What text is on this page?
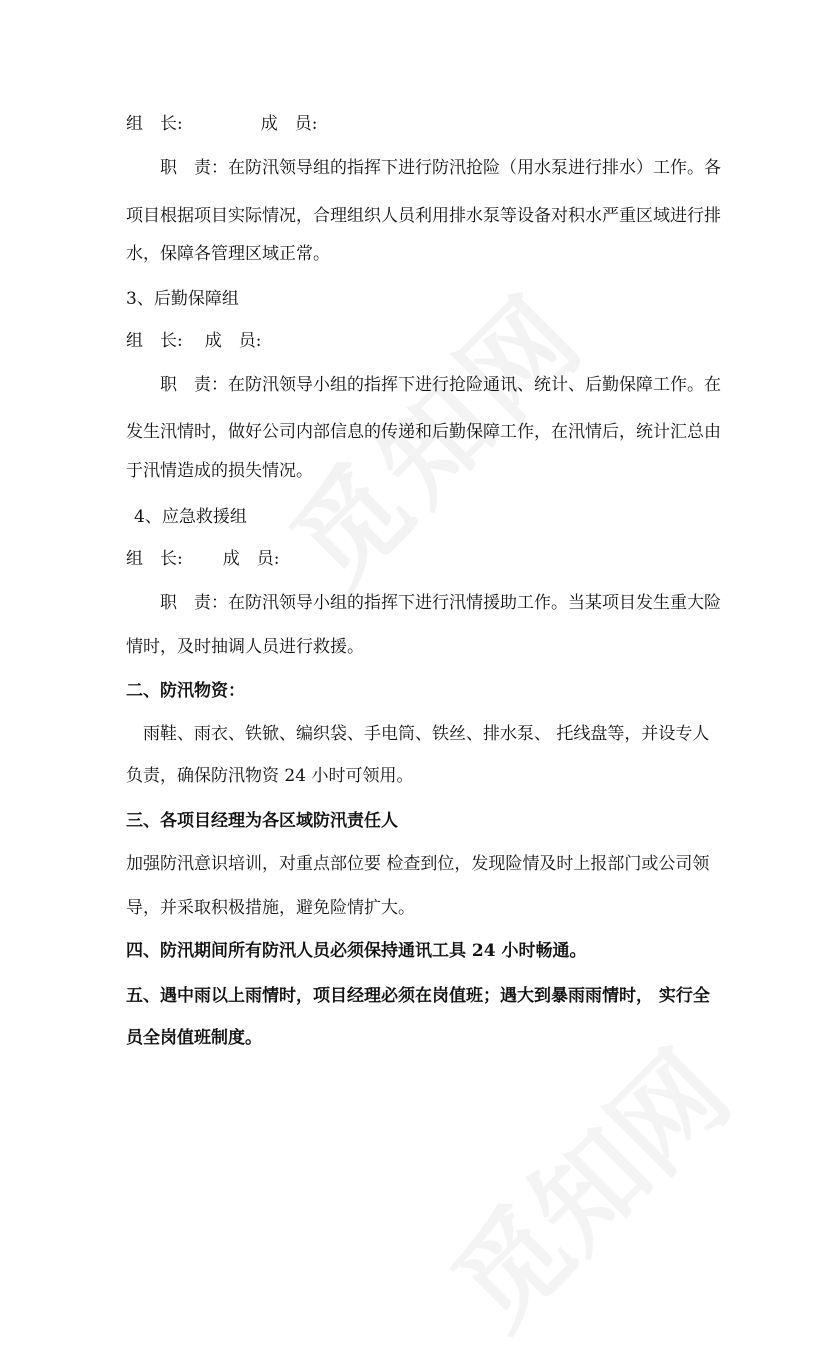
组　长:	成　员:
职　责：在防汛领导组的指挥下进行防汛抢险（用水泵进行排水）工作。各
项目根据项目实际情况，合理组织人员利用排水泵等设备对积水严重区域进行排
水，保障各管理区域正常。
3、后勤保障组
组　长: 成　员:
职　责：在防汛领导小组的指挥下进行抢险通讯、统计、后勤保障工作。在
发生汛情时，做好公司内部信息的传递和后勤保障工作，在汛情后，统计汇总由
于汛情造成的损失情况。
4、应急救援组
组　长: 成　员:
职　责：在防汛领导小组的指挥下进行汛情援助工作。当某项目发生重大险
情时，及时抽调人员进行救援。
二、防汛物资：
雨鞋、雨衣、铁锨、编织袋、手电筒、铁丝、排水泵、 托线盘等，并设专人
负责，确保防汛物资 24 小时可领用。
三、各项目经理为各区域防汛责任人
加强防汛意识培训，对重点部位要 检查到位，发现险情及时上报部门或公司领
导，并采取积极措施，避免险情扩大。
四、防汛期间所有防汛人员必须保持通讯工具 24 小时畅通。
五、遇中雨以上雨情时，项目经理必须在岗值班；遇大到暴雨雨情时， 实行全
员全岗值班制度。
